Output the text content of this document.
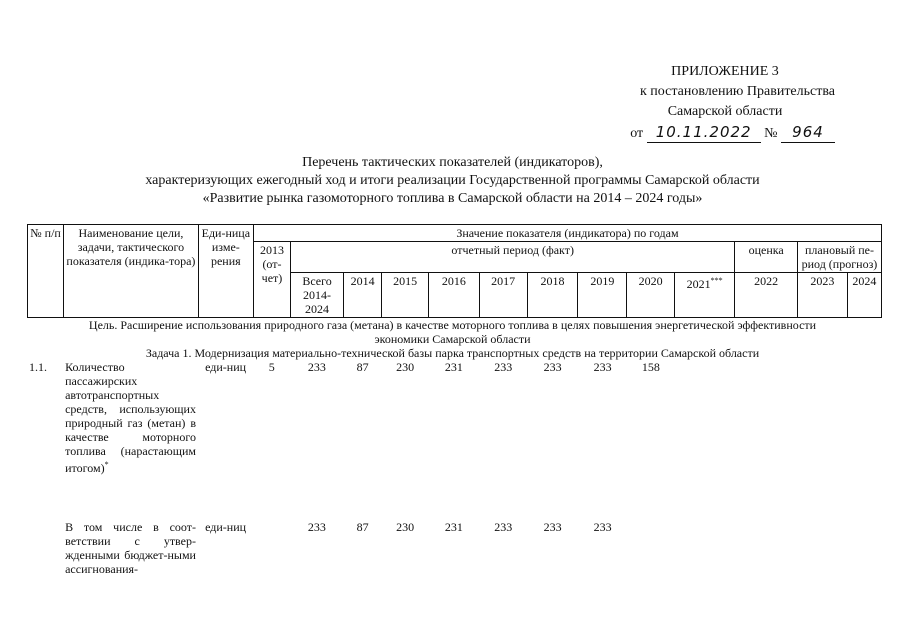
ПРИЛОЖЕНИЕ 3
к постановлению Правительства
Самарской области
от 10.11.2022 № 964
Перечень тактических показателей (индикаторов),
характеризующих ежегодный ход и итоги реализации Государственной программы Самарской области
«Развитие рынка газомоторного топлива в Самарской области на 2014 – 2024 годы»
№ п/п	Наименование цели, задачи, тактического показателя (индика-тора)	Еди-ница изме-рения	Значение показателя (индикатора) по годам												
			2013 (от-чет)	отчетный период (факт)									оценка	плановый пе-риод (прогноз)	
				Всего 2014-2024	2014	2015	2016	2017	2018	2019	2020	2021***	2022	2023	2024
Цель. Расширение использования природного газа (метана) в качестве моторного топлива в целях повышения энергетической эффективности
экономики Самарской области
Задача 1. Модернизация материально-технической базы парка транспортных средств на территории Самарской области
1.1.	Количество пассажирских автотранспортных средств, использующих природный газ (метан) в качестве моторного топлива (нарастающим итогом)*	еди-ниц	5	233	87	230	231	233	233	233	158				
	В том числе в соот-ветствии с утвер-жденными бюджет-ными ассигнования-	еди-ниц		233	87	230	231	233	233	233					
